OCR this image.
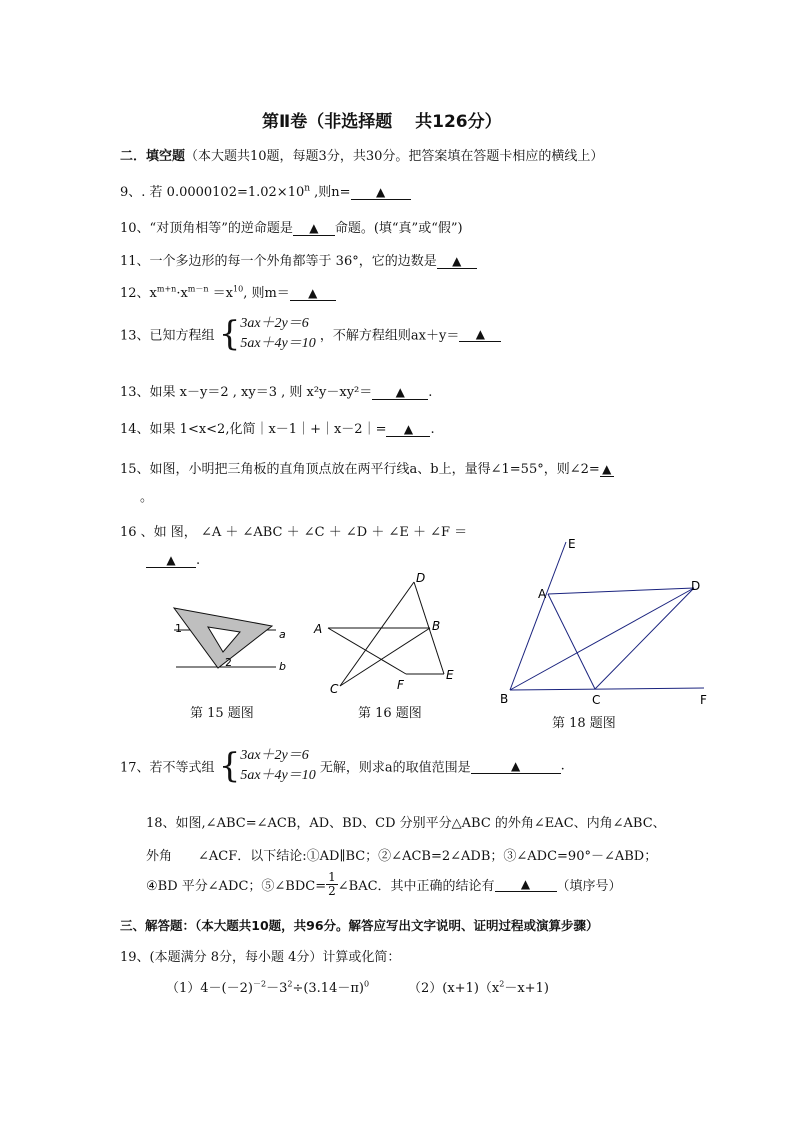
第Ⅱ卷（非选择题　 共126分）
二．填空题（本大题共10题，每题3分，共30分。把答案填在答题卡相应的横线上）
9、. 若 $0.0000102=1.02\times 10^n$ ,则n= ▲
10、“对顶角相等”的逆命题是 ▲ 命题。(填“真”或“假”)
11、一个多边形的每一个外角都等于 36°，它的边数是 ▲
12、$x^{m+n}\cdot x^{m-n} =x^{10}$, 则m＝ ▲
13、已知方程组 { 3ax＋2y＝6
5ax＋4y＝10 ，不解方程组则ax＋y＝ ▲
13、如果 x－y＝2 , xy＝3 , 则 x²y－xy²＝ ▲ .
14、如果 1<x<2,化简｜x－1｜+｜x－2｜= ▲ .
15、如图，小明把三角板的直角顶点放在两平行线a、b上，量得∠1=55°，则∠2= ▲
。
16 、如 图， ∠A ＋ ∠ABC ＋ ∠C ＋ ∠D ＋ ∠E ＋ ∠F ＝
▲ .
1
2
a
b
第 15 题图
A	B
C
D
E
F
第 16 题图
E
A
D
B	C	F
第 18 题图
17、若不等式组 { 3ax＋2y＝6
5ax＋4y＝10 无解，则求a的取值范围是	▲	.
18、如图,∠ABC=∠ACB，AD、BD、CD 分别平分△ABC 的外角∠EAC、内角∠ABC、
外角　　∠ACF．以下结论:①AD∥BC；②∠ACB=2∠ADB；③∠ADC=90°－∠ABD；
④BD 平分∠ADC；⑤∠BDC= $\frac{1}{2}$ ∠BAC．其中正确的结论有 ▲ （填序号）
三、解答题：（本大题共10题，共96分。解答应写出文字说明、证明过程或演算步骤）
19、(本题满分 8分，每小题 4分）计算或化简：
$(1)4-(-2)^{-2}-3^2\div(3.14-\pi)^0$	$(2)(x+1)(x^2-x+1)$
